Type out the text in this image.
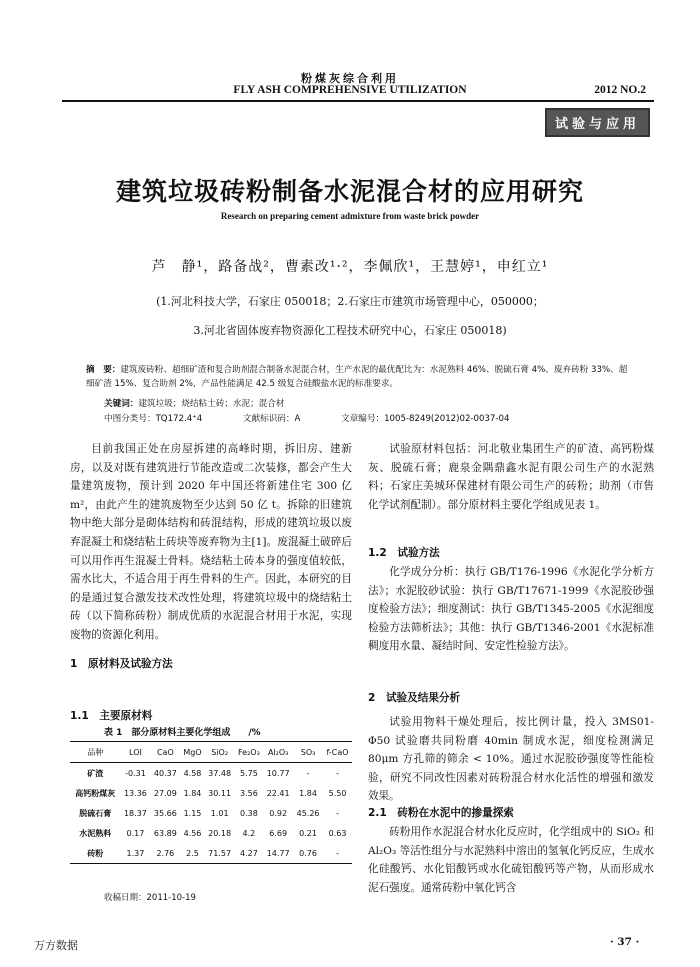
粉煤灰综合利用
FLY ASH COMPREHENSIVE UTILIZATION	2012 NO.2
试验与应用
建筑垃圾砖粉制备水泥混合材的应用研究
Research on preparing cement admixture from waste brick powder
芦　静¹，路备战²，曹素改¹·²，李佩欣¹，王慧婷¹，申红立¹
(1.河北科技大学，石家庄 050018；2.石家庄市建筑市场管理中心，050000；
3.河北省固体废弃物资源化工程技术研究中心，石家庄 050018)
摘　要：建筑废砖粉、超细矿渣和复合助剂混合制备水泥混合材，生产水泥的最优配比为：水泥熟料 46%、脱硫石膏 4%、废弃砖粉 33%、超细矿渣 15%、复合助剂 2%，产品性能满足 42.5 级复合硅酸盐水泥的标准要求。
关键词：建筑垃圾；烧结粘土砖；水泥；混合材
中图分类号：TQ172.4⁺4	文献标识码：A	文章编号：1005-8249(2012)02-0037-04
目前我国正处在房屋拆建的高峰时期，拆旧房、建新房，以及对既有建筑进行节能改造或二次装修，都会产生大量建筑废物，预计到 2020 年中国还将新建住宅 300 亿 m²，由此产生的建筑废物至少达到 50 亿 t。拆除的旧建筑物中绝大部分是砌体结构和砖混结构，形成的建筑垃圾以废弃混凝土和烧结粘土砖块等废弃物为主[1]。废混凝土破碎后可以用作再生混凝土骨料。烧结粘土砖本身的强度值较低，需水比大，不适合用于再生骨料的生产。因此，本研究的目的是通过复合激发技术改性处理，将建筑垃圾中的烧结粘土砖（以下简称砖粉）制成优质的水泥混合材用于水泥，实现废物的资源化利用。
1　原材料及试验方法
1.1　主要原材料
表 1　部分原材料主要化学组成　　/%
品种	LOI	CaO	MgO	SiO₂	Fe₂O₃	Al₂O₃	SO₃	f-CaO
矿渣	-0.31	40.37	4.58	37.48	5.75	10.77	-	-
高钙粉煤灰	13.36	27.09	1.84	30.11	3.56	22.41	1.84	5.50
脱硫石膏	18.37	35.66	1.15	1.01	0.38	0.92	45.26	-
水泥熟料	0.17	63.89	4.56	20.18	4.2	6.69	0.21	0.63
砖粉	1.37	2.76	2.5	71.57	4.27	14.77	0.76	-
收稿日期：2011-10-19
试验原材料包括：河北敬业集团生产的矿渣、高钙粉煤灰、脱硫石膏；鹿泉金隅鼎鑫水泥有限公司生产的水泥熟料；石家庄美城环保建材有限公司生产的砖粉；助剂（市售化学试剂配制）。部分原材料主要化学组成见表 1。
1.2　试验方法
化学成分分析：执行 GB/T176-1996《水泥化学分析方法》；水泥胶砂试验：执行 GB/T17671-1999《水泥胶砂强度检验方法》；细度测试：执行 GB/T1345-2005《水泥细度检验方法筛析法》；其他：执行 GB/T1346-2001《水泥标准稠度用水量、凝结时间、安定性检验方法》。
2　试验及结果分析
试验用物料干燥处理后，按比例计量，投入 3MS01-Φ50 试验磨共同粉磨 40min 制成水泥，细度检测满足 80μm 方孔筛的筛余 < 10%。通过水泥胶砂强度等性能检验，研究不同改性因素对砖粉混合材水化活性的增强和激发效果。
2.1　砖粉在水泥中的掺量探索
砖粉用作水泥混合材水化反应时，化学组成中的 SiO₂ 和 Al₂O₃ 等活性组分与水泥熟料中溶出的氢氧化钙反应，生成水化硅酸钙、水化铝酸钙或水化硫铝酸钙等产物，从而形成水泥石强度。通常砖粉中氧化钙含
· 37 ·
万方数据
